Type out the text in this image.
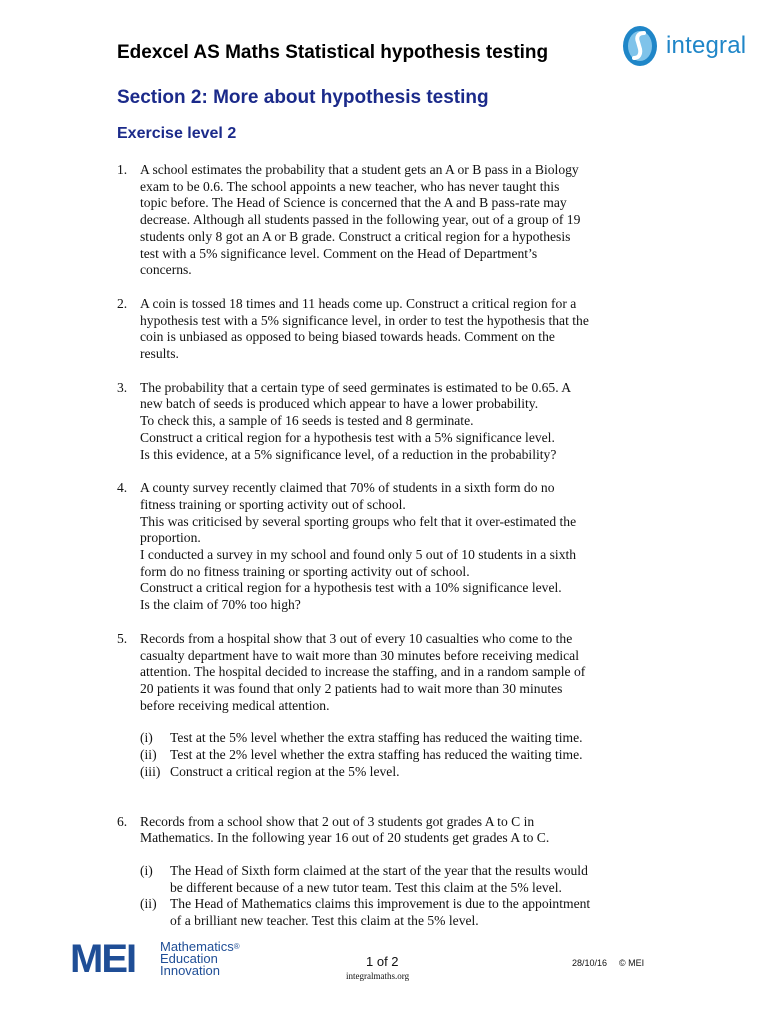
Edexcel AS Maths Statistical hypothesis testing	integral
Section 2: More about hypothesis testing
Exercise level 2
1. A school estimates the probability that a student gets an A or B pass in a Biology

exam to be 0.6. The school appoints a new teacher, who has never taught this

topic before. The Head of Science is concerned that the A and B pass-rate may

decrease. Although all students passed in the following year, out of a group of 19

students only 8 got an A or B grade. Construct a critical region for a hypothesis

test with a 5% significance level. Comment on the Head of Department’s

concerns.

2. A coin is tossed 18 times and 11 heads come up. Construct a critical region for a

hypothesis test with a 5% significance level, in order to test the hypothesis that the

coin is unbiased as opposed to being biased towards heads. Comment on the

results.

3. The probability that a certain type of seed germinates is estimated to be 0.65. A

new batch of seeds is produced which appear to have a lower probability.

To check this, a sample of 16 seeds is tested and 8 germinate.

Construct a critical region for a hypothesis test with a 5% significance level.

Is this evidence, at a 5% significance level, of a reduction in the probability?

4. A county survey recently claimed that 70% of students in a sixth form do no

fitness training or sporting activity out of school.

This was criticised by several sporting groups who felt that it over-estimated the

proportion.

I conducted a survey in my school and found only 5 out of 10 students in a sixth

form do no fitness training or sporting activity out of school.

Construct a critical region for a hypothesis test with a 10% significance level.

Is the claim of 70% too high?

5. Records from a hospital show that 3 out of every 10 casualties who come to the

casualty department have to wait more than 30 minutes before receiving medical

attention. The hospital decided to increase the staffing, and in a random sample of

20 patients it was found that only 2 patients had to wait more than 30 minutes

before receiving medical attention.

(i) Test at the 5% level whether the extra staffing has reduced the waiting time.

(ii) Test at the 2% level whether the extra staffing has reduced the waiting time.

(iii) Construct a critical region at the 5% level.

6. Records from a school show that 2 out of 3 students got grades A to C in

Mathematics. In the following year 16 out of 20 students get grades A to C.

(i) The Head of Sixth form claimed at the start of the year that the results would

be different because of a new tutor team. Test this claim at the 5% level.

(ii) The Head of Mathematics claims this improvement is due to the appointment

of a brilliant new teacher. Test this claim at the 5% level.

MEI Mathematics®
Education
Innovation
1 of 2
integralmaths.org
28/10/16 © MEI
